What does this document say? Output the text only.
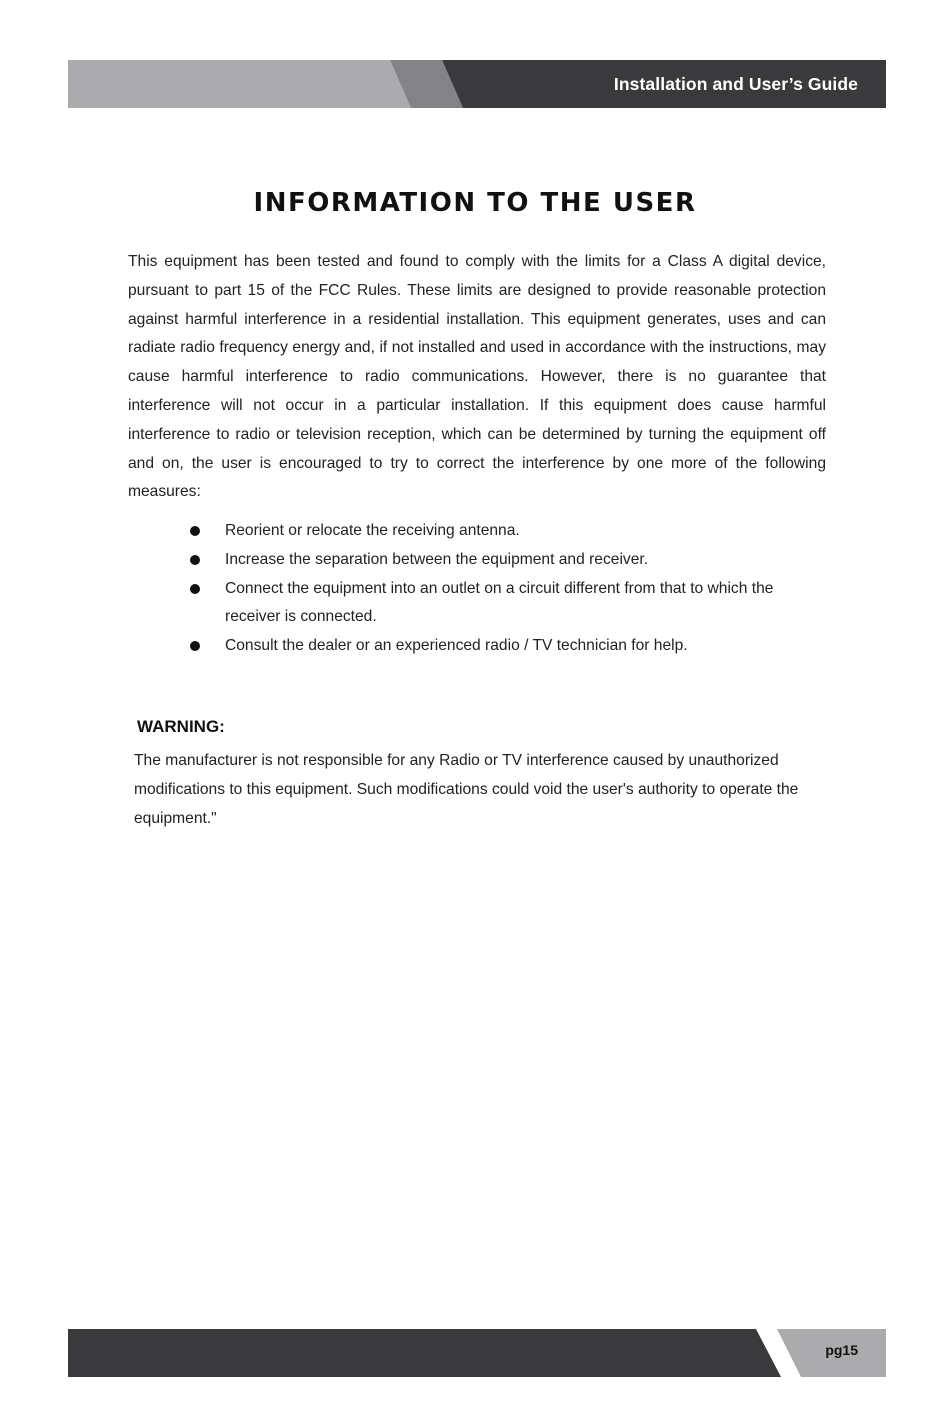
Installation and User’s Guide
INFORMATION TO THE USER

This equipment has been tested and found to comply with the limits for a Class A digital device, pursuant to part 15 of the FCC Rules. These limits are designed to provide reasonable protection against harmful interference in a residential installation. This equipment generates, uses and can radiate radio frequency energy and, if not installed and used in accordance with the instructions, may cause harmful interference to radio communications. However, there is no guarantee that interference will not occur in a particular installation. If this equipment does cause harmful interference to radio or television reception, which can be determined by turning the equipment off and on, the user is encouraged to try to correct the interference by one more of the following measures:

Reorient or relocate the receiving antenna.
Increase the separation between the equipment and receiver.
Connect the equipment into an outlet on a circuit different from that to which the receiver is connected.
Consult the dealer or an experienced radio / TV technician for help.
WARNING:

The manufacturer is not responsible for any Radio or TV interference caused by unauthorized modifications to this equipment. Such modifications could void the user's authority to operate the equipment."

pg15
